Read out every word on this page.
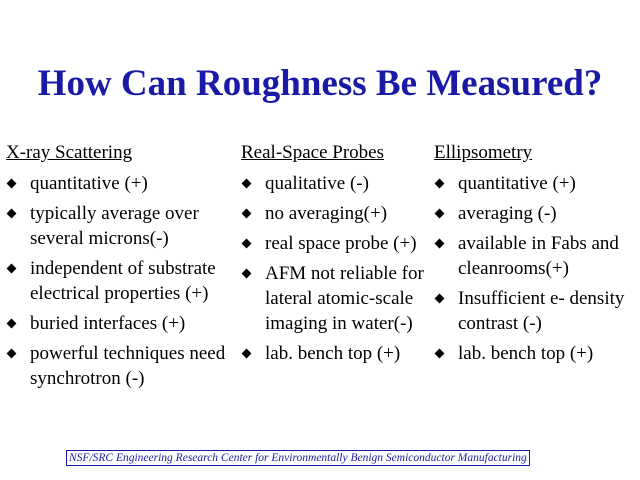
How Can Roughness Be Measured?
X-ray Scattering
quantitative (+)
typically average over several microns(-)
independent of substrate electrical properties (+)
buried interfaces (+)
powerful techniques need synchrotron (-)
Real-Space Probes
qualitative (-)
no averaging(+)
real space probe (+)
AFM not reliable for lateral atomic-scale imaging in water(-)
lab. bench top (+)
Ellipsometry
quantitative (+)
averaging (-)
available in Fabs and cleanrooms(+)
Insufficient e- density contrast (-)
lab. bench top (+)
NSF/SRC Engineering Research Center for Environmentally Benign Semiconductor Manufacturing
